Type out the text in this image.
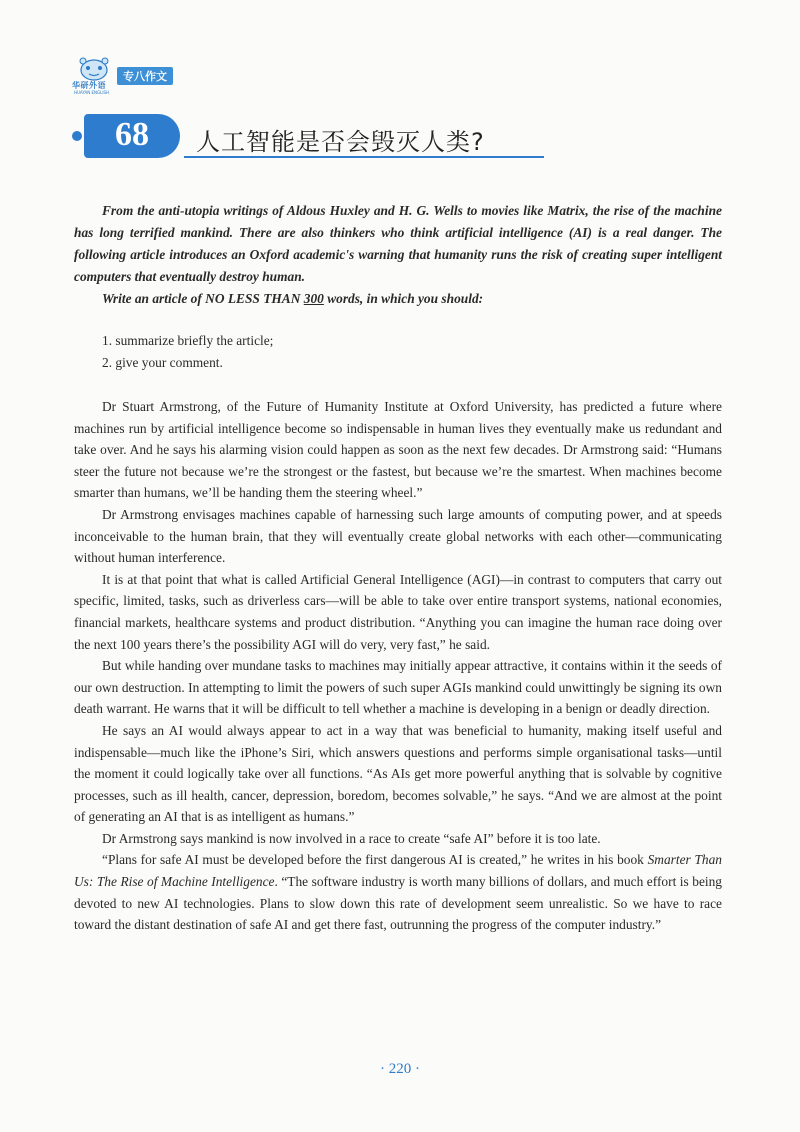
华研外语
HUAYAN ENGLISH
专八作文
68	人工智能是否会毁灭人类?

From the anti-utopia writings of Aldous Huxley and H. G. Wells to movies like Matrix, the rise of the machine has long terrified mankind. There are also thinkers who think artificial intelligence (AI) is a real danger. The following article introduces an Oxford academic's warning that humanity runs the risk of creating super intelligent computers that eventually destroy human.

Write an article of NO LESS THAN 300 words, in which you should:

1. summarize briefly the article;
2. give your comment.

Dr Stuart Armstrong, of the Future of Humanity Institute at Oxford University, has predicted a future where machines run by artificial intelligence become so indispensable in human lives they eventually make us redundant and take over. And he says his alarming vision could happen as soon as the next few decades. Dr Armstrong said: “Humans steer the future not because we’re the strongest or the fastest, but because we’re the smartest. When machines become smarter than humans, we’ll be handing them the steering wheel.”

Dr Armstrong envisages machines capable of harnessing such large amounts of computing power, and at speeds inconceivable to the human brain, that they will eventually create global networks with each other—communicating without human interference.

It is at that point that what is called Artificial General Intelligence (AGI)—in contrast to computers that carry out specific, limited, tasks, such as driverless cars—will be able to take over entire transport systems, national economies, financial markets, healthcare systems and product distribution. “Anything you can imagine the human race doing over the next 100 years there’s the possibility AGI will do very, very fast,” he said.

But while handing over mundane tasks to machines may initially appear attractive, it contains within it the seeds of our own destruction. In attempting to limit the powers of such super AGIs mankind could unwittingly be signing its own death warrant. He warns that it will be difficult to tell whether a machine is developing in a benign or deadly direction.

He says an AI would always appear to act in a way that was beneficial to humanity, making itself useful and indispensable—much like the iPhone’s Siri, which answers questions and performs simple organisational tasks—until the moment it could logically take over all functions. “As AIs get more powerful anything that is solvable by cognitive processes, such as ill health, cancer, depression, boredom, becomes solvable,” he says. “And we are almost at the point of generating an AI that is as intelligent as humans.”

Dr Armstrong says mankind is now involved in a race to create “safe AI” before it is too late.

“Plans for safe AI must be developed before the first dangerous AI is created,” he writes in his book Smarter Than Us: The Rise of Machine Intelligence. “The software industry is worth many billions of dollars, and much effort is being devoted to new AI technologies. Plans to slow down this rate of development seem unrealistic. So we have to race toward the distant destination of safe AI and get there fast, outrunning the progress of the computer industry.”

· 220 ·
